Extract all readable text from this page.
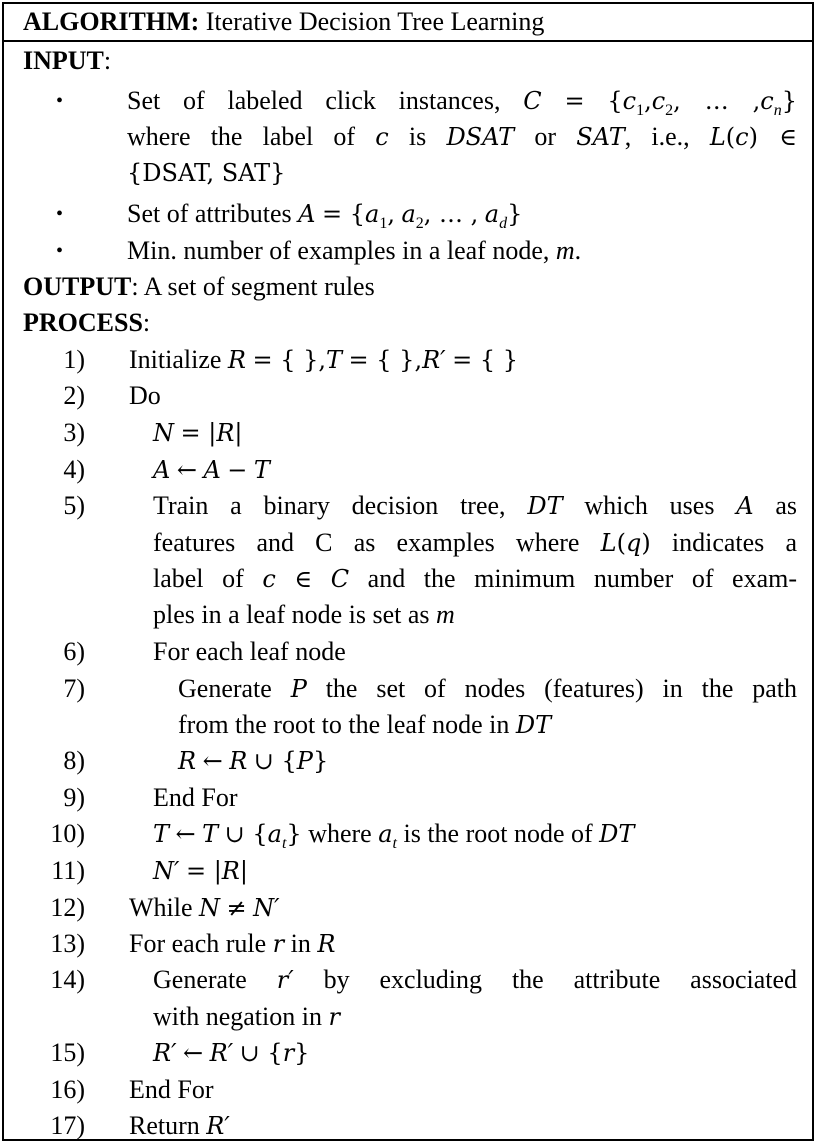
ALGORITHM: Iterative Decision Tree Learning
INPUT:
• Set of labeled click instances, $C = \{c_1,c_2$, … $,c_n$}
where the label of c is DSAT or SAT, i.e., L(c) ∈
{DSAT, SAT}
• Set of attributes $A = \{a_1$, $a_2$, … , $a_d$}
• Min. number of examples in a leaf node, m.
OUTPUT: A set of segment rules
PROCESS:
1)
2)
3)
4)
5)
6)
7)
8)
9)
10)
11)
12)
13)
14)
15)
16)
17)
Initialize R = { },T = { },R′ = { }
Do
N = |R|
A ← A − T
Train a binary decision tree, DT which uses A as
features and C as examples where L(q) indicates a
label of c ∈ C and the minimum number of exam-
ples in a leaf node is set as m
For each leaf node
Generate P the set of nodes (features) in the path
from the root to the leaf node in DT
R ← R ∪ {P}
End For
T ← T ∪ $\{a_t\}$ where $a_t$ is the root node of DT
N′ = |R|
While N ≠ N′
For each rule r in R
Generate r′ by excluding the attribute associated
with negation in r
R′ ← R′ ∪ {r}
End For
Return R′
